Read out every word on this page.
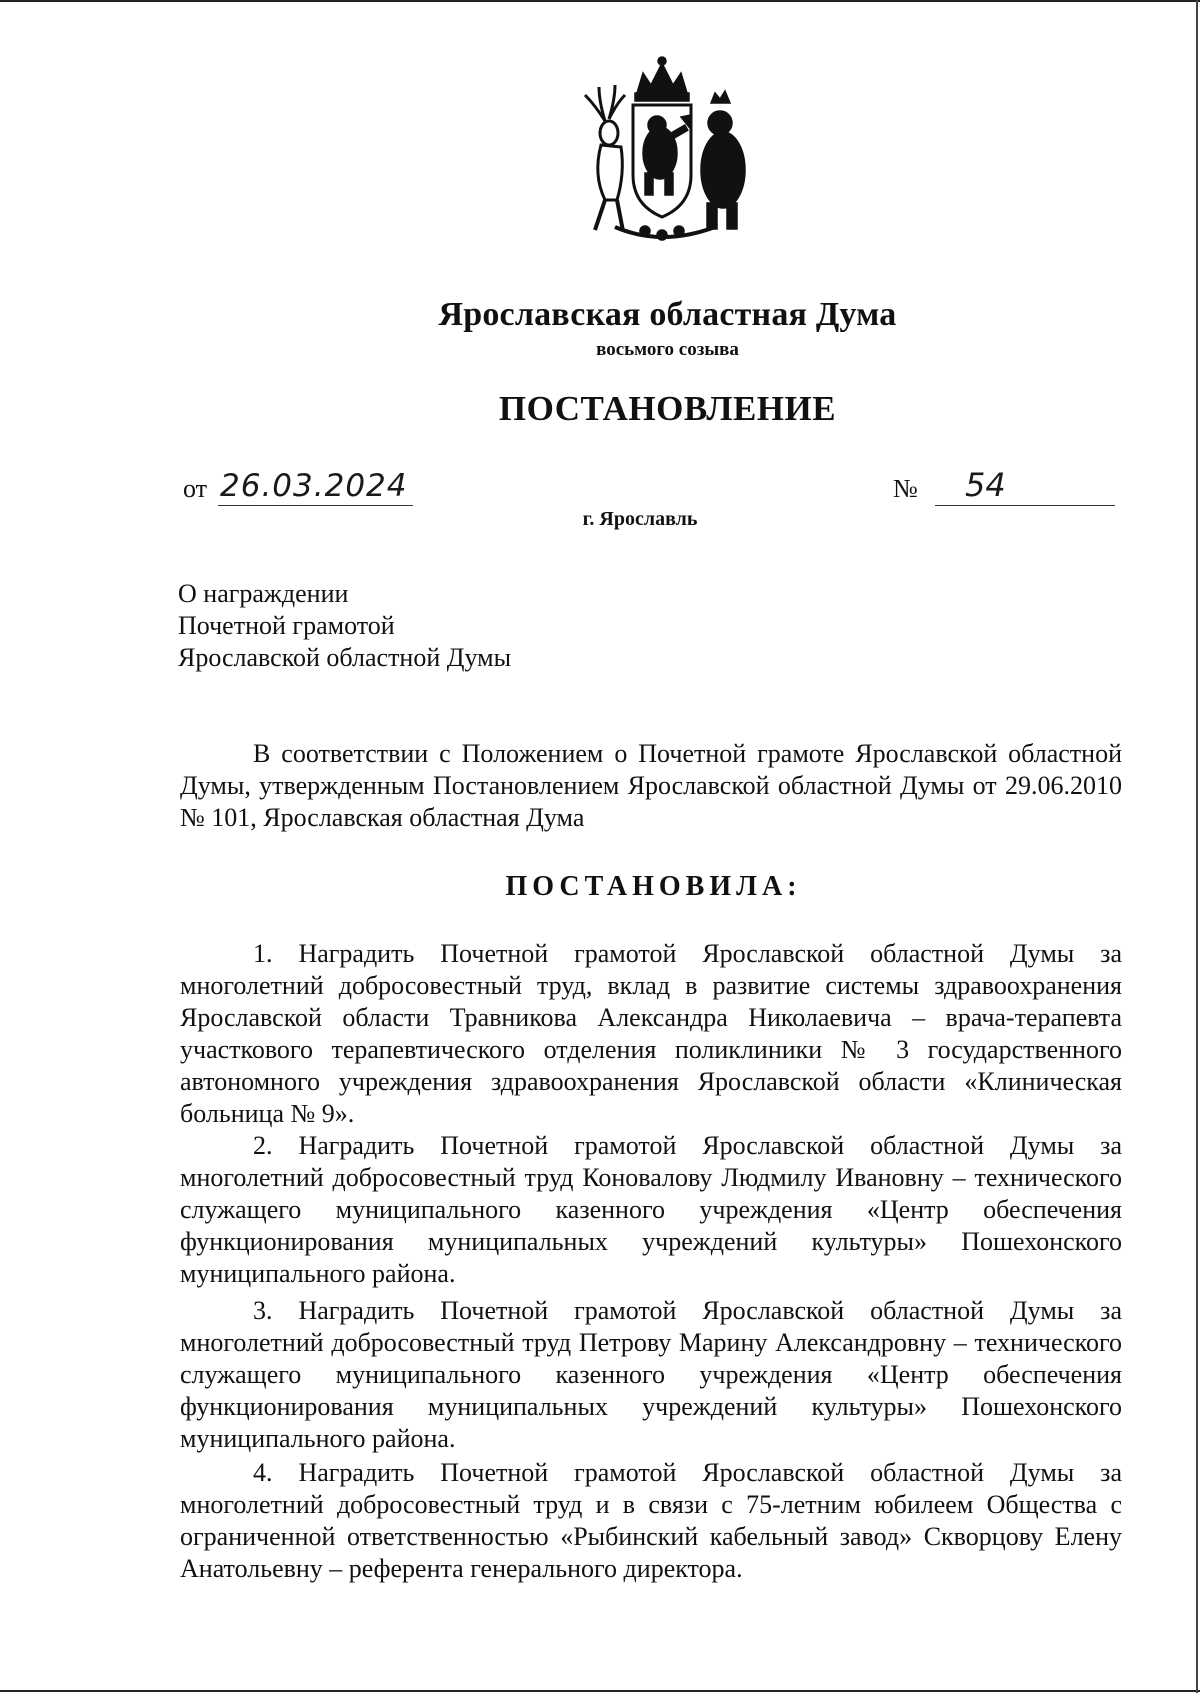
Ярославская областная Дума
восьмого созыва
ПОСТАНОВЛЕНИЕ
от 26.03.2024	№ 54
г. Ярославль
О награждении
Почетной грамотой
Ярославской областной Думы

В соответствии с Положением о Почетной грамоте Ярославской областной Думы, утвержденным Постановлением Ярославской областной Думы от 29.06.2010 № 101, Ярославская областная Дума

ПОСТАНОВИЛА:

1. Наградить Почетной грамотой Ярославской областной Думы за многолетний добросовестный труд, вклад в развитие системы здравоохранения Ярославской области Травникова Александра Николаевича – врача-терапевта участкового терапевтического отделения поликлиники № 3 государственного автономного учреждения здравоохранения Ярославской области «Клиническая больница № 9».

2. Наградить Почетной грамотой Ярославской областной Думы за многолетний добросовестный труд Коновалову Людмилу Ивановну – технического служащего муниципального казенного учреждения «Центр обеспечения функционирования муниципальных учреждений культуры» Пошехонского муниципального района.

3. Наградить Почетной грамотой Ярославской областной Думы за многолетний добросовестный труд Петрову Марину Александровну – технического служащего муниципального казенного учреждения «Центр обеспечения функционирования муниципальных учреждений культуры» Пошехонского муниципального района.

4. Наградить Почетной грамотой Ярославской областной Думы за многолетний добросовестный труд и в связи с 75-летним юбилеем Общества с ограниченной ответственностью «Рыбинский кабельный завод» Скворцову Елену Анатольевну – референта генерального директора.
